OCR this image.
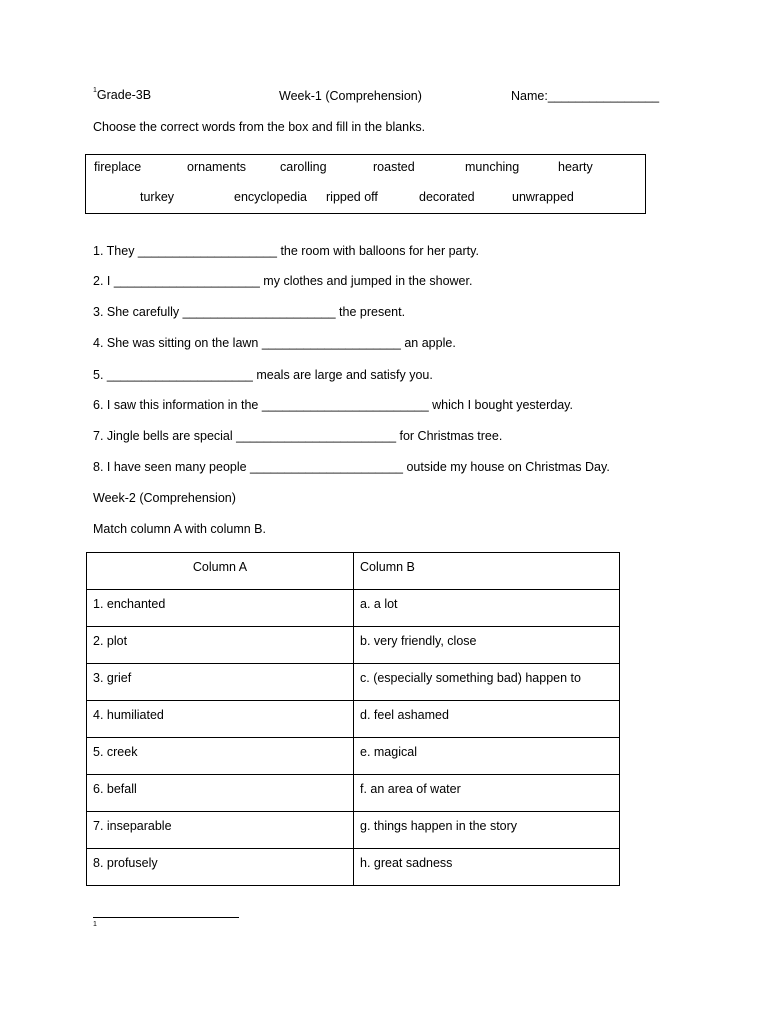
$^1$Grade-3B	Week-1 (Comprehension)	Name:________________
Choose the correct words from the box and fill in the blanks.
fireplace	ornaments	carolling	roasted	munching	hearty
turkey	encyclopedia ripped off	decorated	unwrapped
1. They ____________________ the room with balloons for her party.
2. I _____________________ my clothes and jumped in the shower.
3. She carefully ______________________ the present.
4. She was sitting on the lawn ____________________ an apple.
5. _____________________ meals are large and satisfy you.
6. I saw this information in the ________________________ which I bought yesterday.
7. Jingle bells are special _______________________ for Christmas tree.
8. I have seen many people ______________________ outside my house on Christmas Day.
Week-2 (Comprehension)
Match column A with column B.
Column A	Column B
1. enchanted	a. a lot
2. plot	b. very friendly, close
3. grief	c. (especially something bad) happen to
4. humiliated	d. feel ashamed
5. creek	e. magical
6. befall	f. an area of water
7. inseparable	g. things happen in the story
8. profusely	h. great sadness
1
